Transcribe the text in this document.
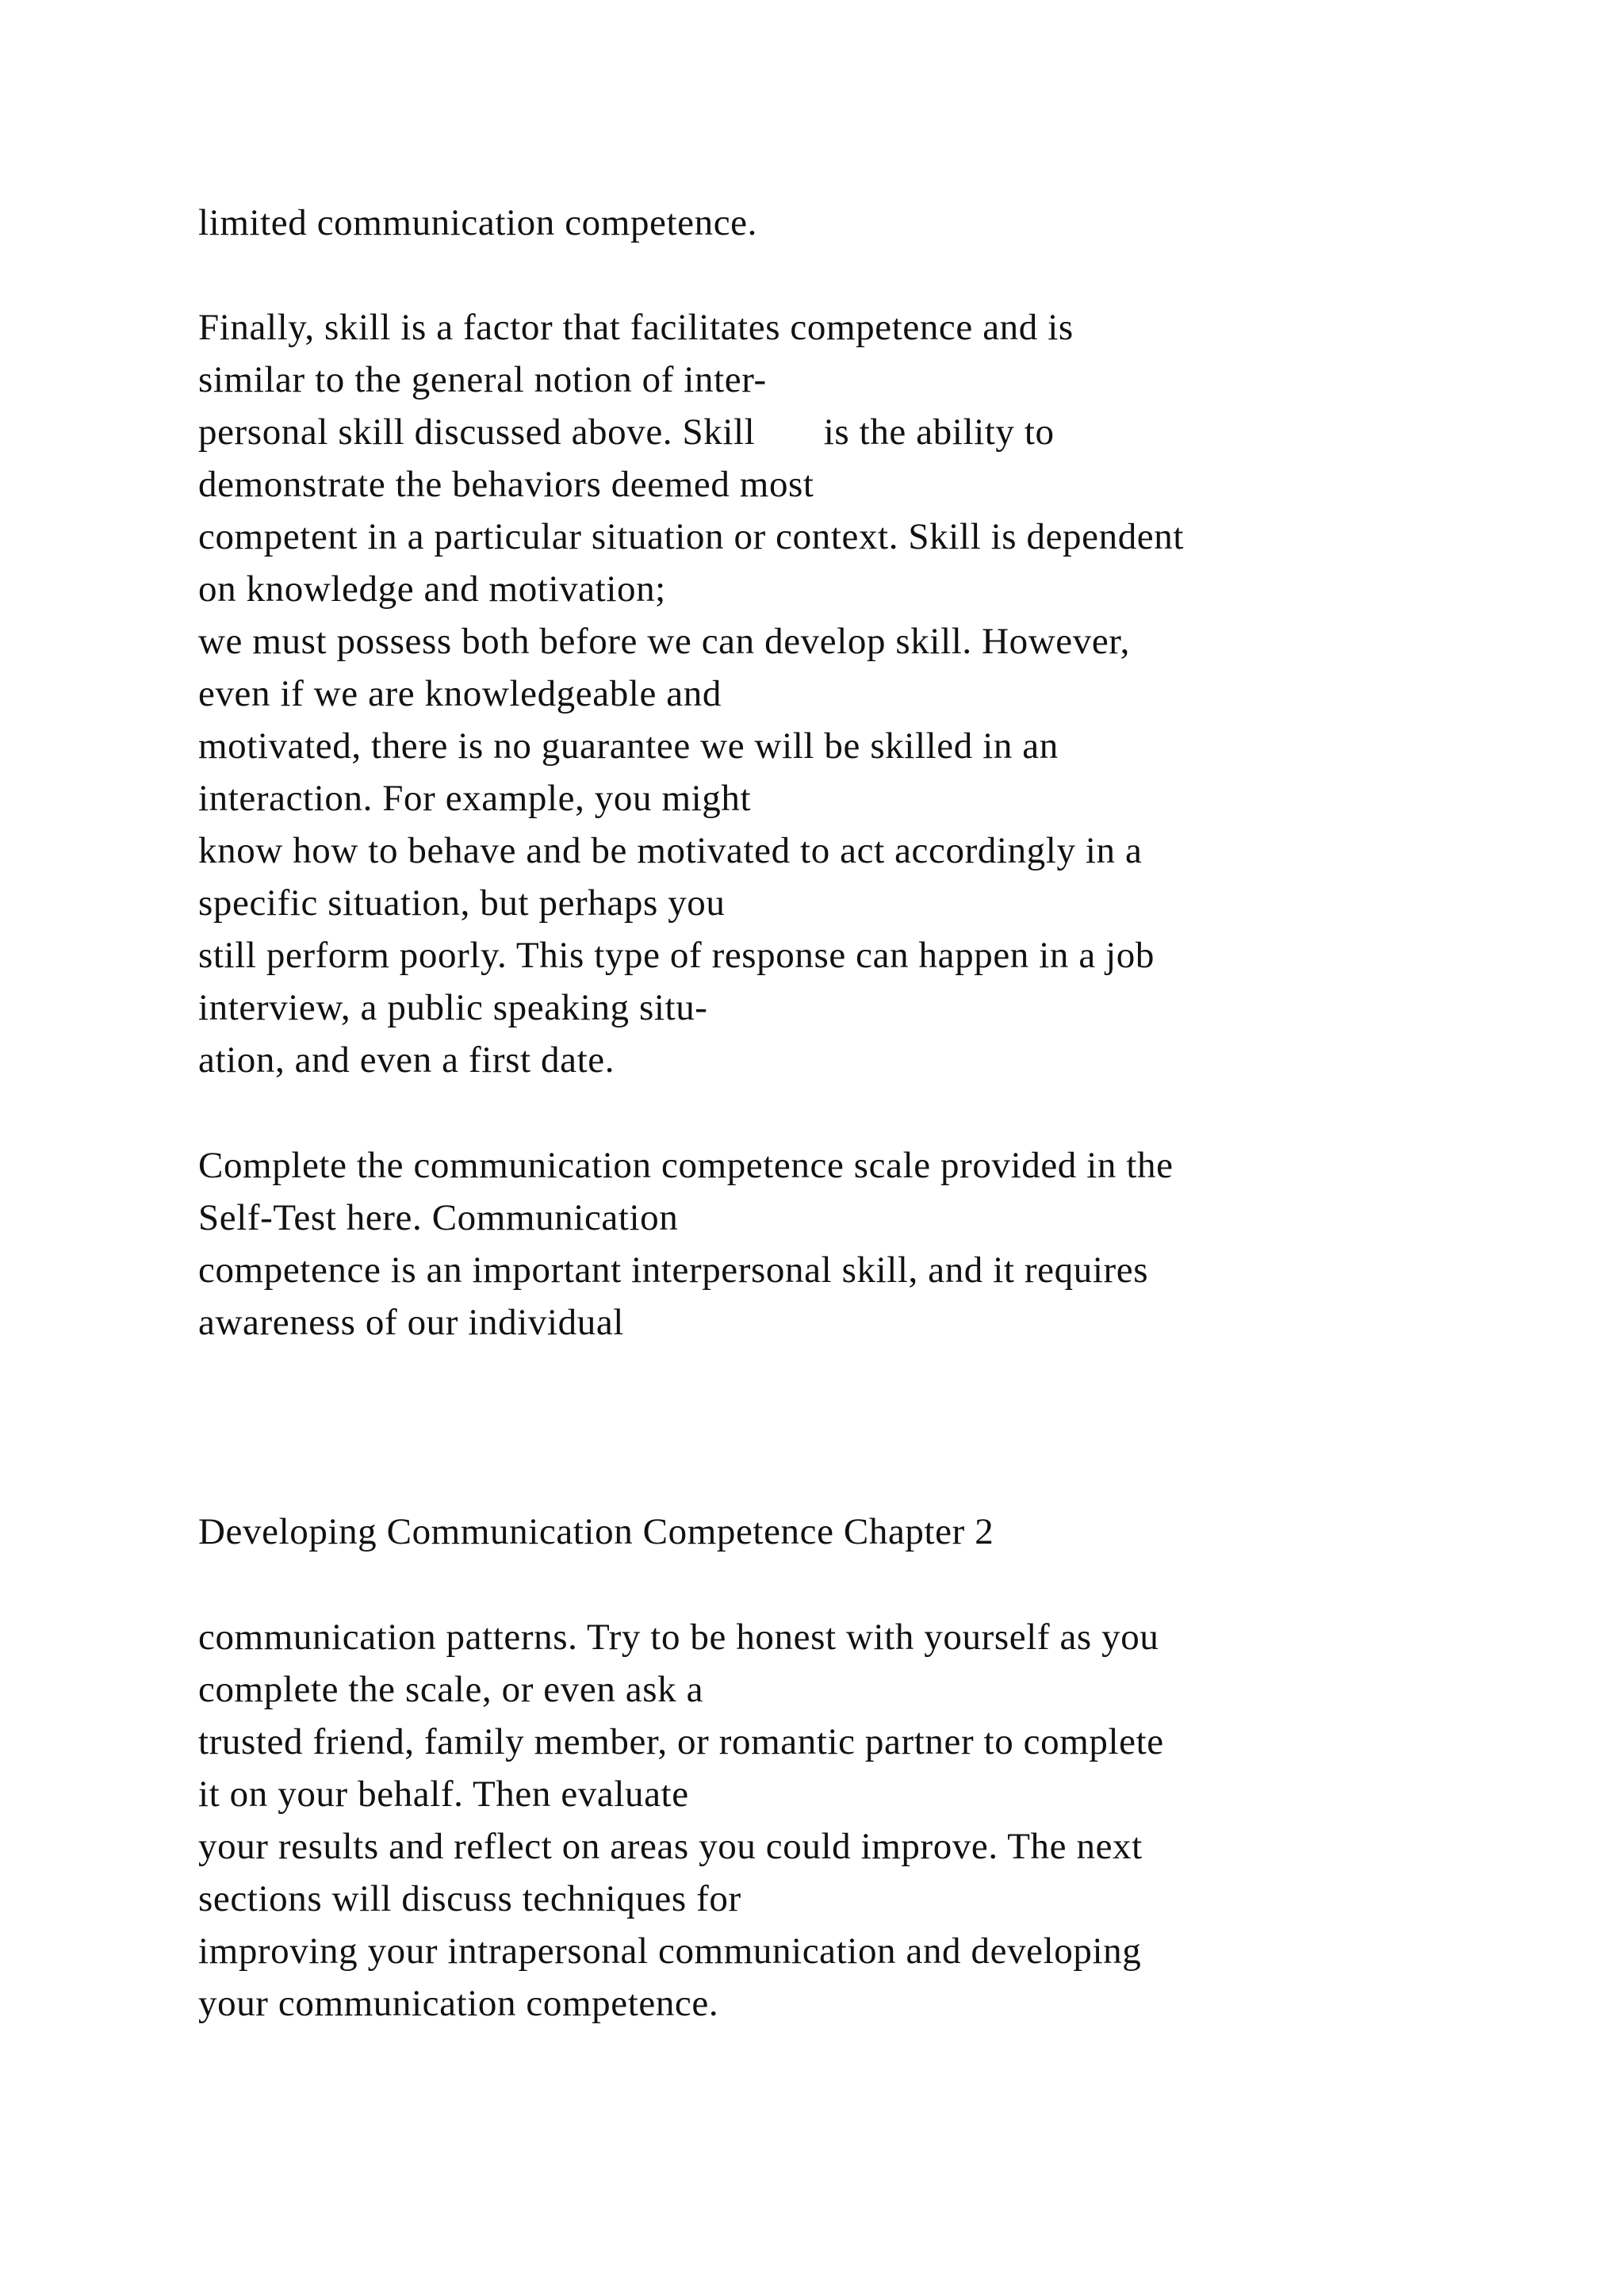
limited communication competence.
Finally, skill is a factor that facilitates competence and is
similar to the general notion of inter-
personal skill discussed above. Skill       is the ability to
demonstrate the behaviors deemed most
competent in a particular situation or context. Skill is dependent
on knowledge and motivation;
we must possess both before we can develop skill. However,
even if we are knowledgeable and
motivated, there is no guarantee we will be skilled in an
interaction. For example, you might
know how to behave and be motivated to act accordingly in a
specific situation, but perhaps you
still perform poorly. This type of response can happen in a job
interview, a public speaking situ-
ation, and even a first date.
Complete the communication competence scale provided in the
Self-Test here. Communication
competence is an important interpersonal skill, and it requires
awareness of our individual
Developing Communication Competence Chapter 2
communication patterns. Try to be honest with yourself as you
complete the scale, or even ask a
trusted friend, family member, or romantic partner to complete
it on your behalf. Then evaluate
your results and reflect on areas you could improve. The next
sections will discuss techniques for
improving your intrapersonal communication and developing
your communication competence.
